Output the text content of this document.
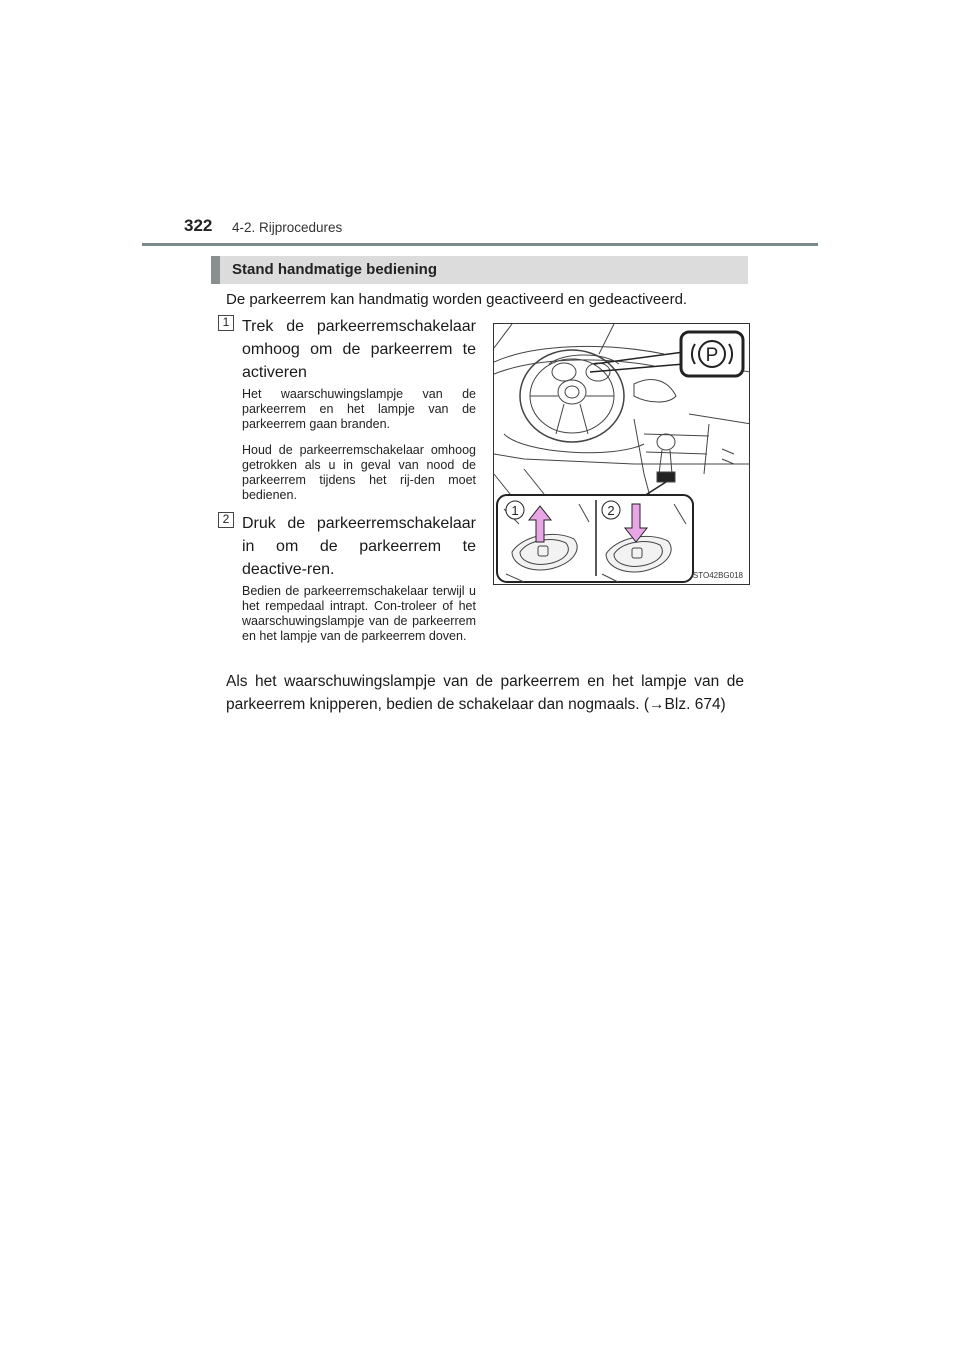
322 4-2. Rijprocedures
Stand handmatige bediening
De parkeerrem kan handmatig worden geactiveerd en gedeactiveerd.
1 Trek de parkeerremschakelaar omhoog om de parkeerrem te activeren
Het waarschuwingslampje van de parkeerrem en het lampje van de parkeerrem gaan branden.
Houd de parkeerremschakelaar omhoog getrokken als u in geval van nood de parkeerrem tijdens het rij-den moet bedienen.
2 Druk de parkeerremschakelaar in om de parkeerrem te deactive-ren.
Bedien de parkeerremschakelaar terwijl u het rempedaal intrapt. Con-troleer of het waarschuwingslampje van de parkeerrem en het lampje van de parkeerrem doven.
P
1	2
STO42BG018
Als het waarschuwingslampje van de parkeerrem en het lampje van de parkeerrem knipperen, bedien de schakelaar dan nogmaals. (→Blz. 674)
